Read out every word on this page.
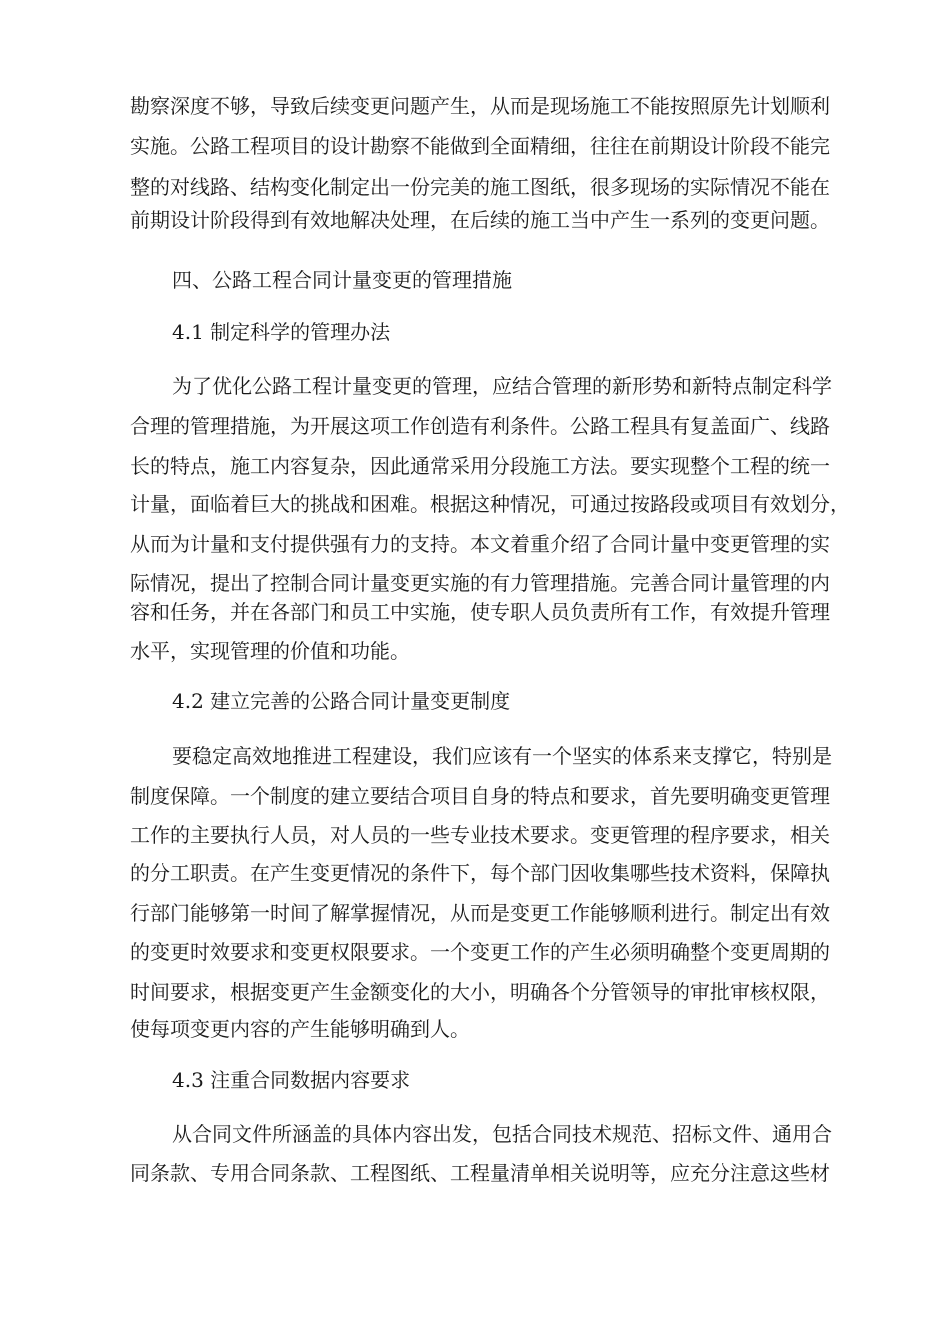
勘察深度不够，导致后续变更问题产生，从而是现场施工不能按照原先计划顺利
实施。公路工程项目的设计勘察不能做到全面精细，往往在前期设计阶段不能完
整的对线路、结构变化制定出一份完美的施工图纸，很多现场的实际情况不能在
前期设计阶段得到有效地解决处理，在后续的施工当中产生一系列的变更问题。
四、公路工程合同计量变更的管理措施
4.1 制定科学的管理办法
为了优化公路工程计量变更的管理，应结合管理的新形势和新特点制定科学
合理的管理措施，为开展这项工作创造有利条件。公路工程具有复盖面广、线路
长的特点，施工内容复杂，因此通常采用分段施工方法。要实现整个工程的统一
计量，面临着巨大的挑战和困难。根据这种情况，可通过按路段或项目有效划分，
从而为计量和支付提供强有力的支持。本文着重介绍了合同计量中变更管理的实
际情况，提出了控制合同计量变更实施的有力管理措施。完善合同计量管理的内
容和任务，并在各部门和员工中实施，使专职人员负责所有工作，有效提升管理
水平，实现管理的价值和功能。
4.2 建立完善的公路合同计量变更制度
要稳定高效地推进工程建设，我们应该有一个坚实的体系来支撑它，特别是
制度保障。一个制度的建立要结合项目自身的特点和要求，首先要明确变更管理
工作的主要执行人员，对人员的一些专业技术要求。变更管理的程序要求，相关
的分工职责。在产生变更情况的条件下，每个部门因收集哪些技术资料，保障执
行部门能够第一时间了解掌握情况，从而是变更工作能够顺利进行。制定出有效
的变更时效要求和变更权限要求。一个变更工作的产生必须明确整个变更周期的
时间要求，根据变更产生金额变化的大小，明确各个分管领导的审批审核权限，
使每项变更内容的产生能够明确到人。
4.3 注重合同数据内容要求
从合同文件所涵盖的具体内容出发，包括合同技术规范、招标文件、通用合
同条款、专用合同条款、工程图纸、工程量清单相关说明等，应充分注意这些材
